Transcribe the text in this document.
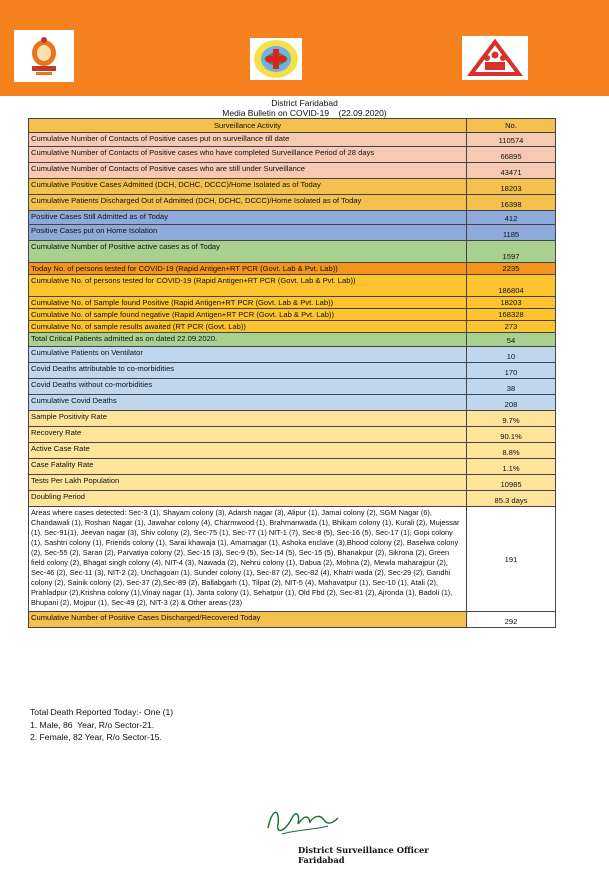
District Faridabad
Media Bulletin on COVID-19    (22.09.2020)
Surveillance Activity	No.
Cumulative Number of Contacts of Positive cases put on surveillance till date	110574
Cumulative Number of Contacts of Positive cases who have completed Surveillance Period of 28 days	66895
Cumulative Number of Contacts of Positive cases who are still under Surveillance	43471
Cumulative Positive Cases Admitted (DCH, DCHC, DCCC)/Home Isolated as of Today	18203
Cumulative Patients Discharged Out of Admitted (DCH, DCHC, DCCC)/Home Isolated as of Today	16398
Positive Cases Still Admitted as of Today	412
Positive Cases put on Home Isolation	1185
Cumulative Number of Positive active cases as of Today	1597
Today No. of persons tested for COVID-19 (Rapid Antigen+RT PCR (Govt. Lab & Pvt. Lab))	2235
Cumulative No. of persons tested for COVID-19 (Rapid Antigen+RT PCR (Govt. Lab & Pvt. Lab))	186804
Cumulative No. of Sample found Positive (Rapid Antigen+RT PCR (Govt. Lab & Pvt. Lab))	18203
Cumulative No. of sample found negative (Rapid Antigen+RT PCR (Govt. Lab & Pvt. Lab))	168328
Cumulative No. of sample results awaited (RT PCR (Govt. Lab))	273
Total Critical Patients admitted as on dated 22.09.2020.	54
Cumulative Patients on Ventilator	10
Covid Deaths attributable to co-morbidities	170
Covid Deaths without co-morbidities	38
Cumulative Covid Deaths	208
Sample Positivity Rate	9.7%
Recovery Rate	90.1%
Active Case Rate	8.8%
Case Fatality Rate	1.1%
Tests Per Lakh Population	10985
Doubling Period	85.3 days

Areas where cases detected: Sec-3 (1), Shayam colony (3), Adarsh nagar (3), Alipur (1), Jamai colony (2), SGM Nagar (6), Chandawali (1), Roshan Nagar (1), Jawahar colony (4), Charmwood (1), Brahmanwada (1), Bhikam colony (1), Kurali (2), Mujessar (1), Sec-91(1), Jeevan nagar (3), Shiv colony (2), Sec-75 (1), Sec-77 (1) NIT-1 (7), Sec-8 (5), Sec-16 (5), Sec-17 (1), Gopi colony (1), Sashtri colony (1), Friends colony (1), Sarai khawaja (1), Amarnagar (1), Ashoka enclave (3),Bhood colony (2), Baselwa colony (2), Sec-55 (2), Saran (2), Parvatiya colony (2), Sec-15 (3), Sec-9 (5), Sec-14 (5), Sec-15 (5), Bhanakpur (2), Sikrona (2), Green field colony (2), Bhagat singh colony (4), NIT-4 (3), Nawada (2), Nehru colony (1), Dabua (2), Mohna (2), Mewla maharajpur (2), Sec-46 (2), Sec-11 (3), NIT-2 (2), Unchagoan (1), Sunder colony (1), Sec-87 (2), Sec-82 (4), Khatri wada (2), Sec-29 (2), Gandhi colony (2), Sainik colony (2), Sec-37 (2),Sec-89 (2), Ballabgarh (1), Tilpat (2), NIT-5 (4), Mahavatpur (1), Sec-10 (1), Atali (2), Prahladpur (2),Krishna colony (1),Vinay nagar (1), Janta colony (1), Sehatpur (1), Old Fbd (2), Sec-81 (2), Ajronda (1), Badoli (1), Bhupani (2), Mojpur (1), Sec-49 (2), NIT-3 (2) & Other areas (23)	191
Cumulative Number of Positive Cases Discharged/Recovered Today	292
Total Death Reported Today:- One (1)
1. Male, 86  Year, R/o Sector-21.
2. Female, 82 Year, R/o Sector-15.
District Surveillance Officer
Faridabad
